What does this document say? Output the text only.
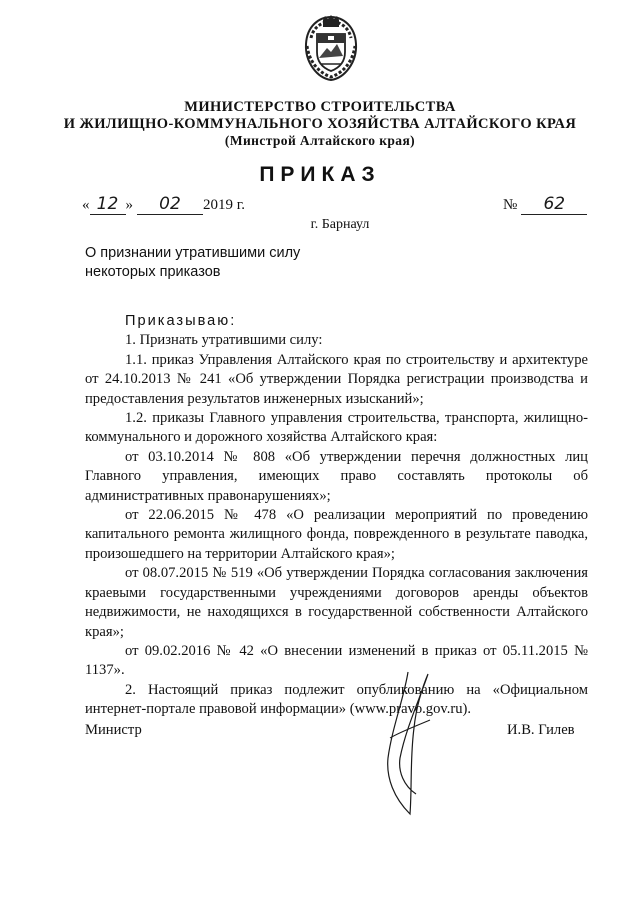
МИНИСТЕРСТВО СТРОИТЕЛЬСТВА
И ЖИЛИЩНО-КОММУНАЛЬНОГО ХОЗЯЙСТВА АЛТАЙСКОГО КРАЯ
(Минстрой Алтайского края)
ПРИКАЗ
« 12 » 02 2019 г.	№ 62
г. Барнаул
О признании утратившими силу
некоторых приказов

Приказываю:

1. Признать утратившими силу:

1.1. приказ Управления Алтайского края по строительству и архитектуре от 24.10.2013 № 241 «Об утверждении Порядка регистрации производства и предоставления результатов инженерных изысканий»;

1.2. приказы Главного управления строительства, транспорта, жилищно-коммунального и дорожного хозяйства Алтайского края:

от 03.10.2014 № 808 «Об утверждении перечня должностных лиц Главного управления, имеющих право составлять протоколы об административных правонарушениях»;

от 22.06.2015 № 478 «О реализации мероприятий по проведению капитального ремонта жилищного фонда, поврежденного в результате паводка, произошедшего на территории Алтайского края»;

от 08.07.2015 № 519 «Об утверждении Порядка согласования заключения краевыми государственными учреждениями договоров аренды объектов недвижимости, не находящихся в государственной собственности Алтайского края»;

от 09.02.2016 № 42 «О внесении изменений в приказ от 05.11.2015 № 1137».

2. Настоящий приказ подлежит опубликованию на «Официальном интернет-портале правовой информации» (www.pravo.gov.ru).

Министр	И.В. Гилев
